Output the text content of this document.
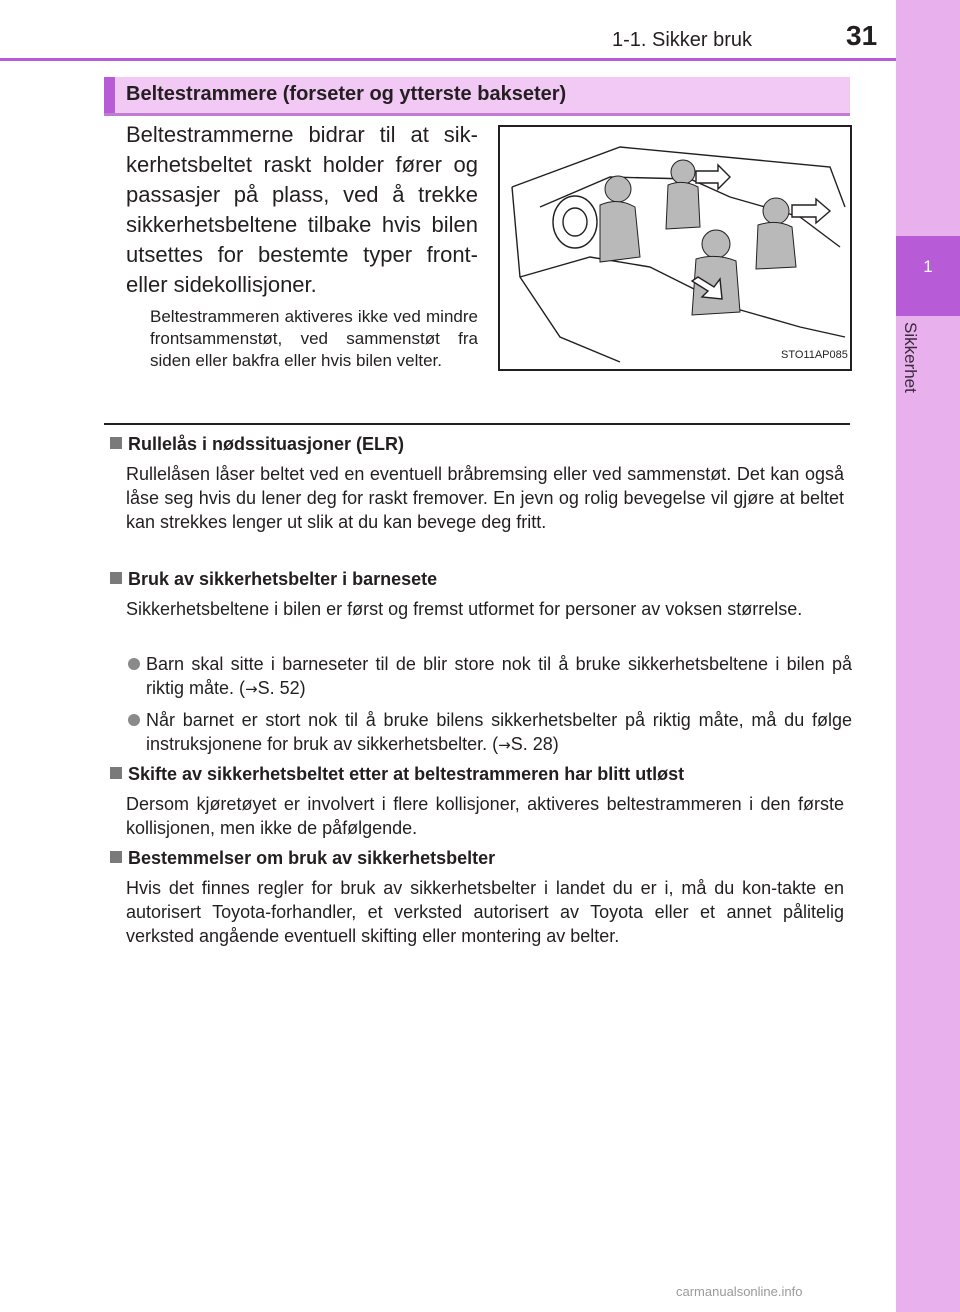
1
Sikkerhet
1-1. Sikker bruk	31
Beltestrammere (forseter og ytterste bakseter)

Beltestrammerne bidrar til at sik-kerhetsbeltet raskt holder fører og passasjer på plass, ved å trekke sikkerhetsbeltene tilbake hvis bilen utsettes for bestemte typer front- eller sidekollisjoner.

Beltestrammeren aktiveres ikke ved mindre frontsammenstøt, ved sammenstøt fra siden eller bakfra eller hvis bilen velter.	STO11AP085
Rullelås i nødssituasjoner (ELR)

Rullelåsen låser beltet ved en eventuell bråbremsing eller ved sammenstøt. Det kan også låse seg hvis du lener deg for raskt fremover. En jevn og rolig bevegelse vil gjøre at beltet kan strekkes lenger ut slik at du kan bevege deg fritt.

Bruk av sikkerhetsbelter i barnesete

Sikkerhetsbeltene i bilen er først og fremst utformet for personer av voksen størrelse.

Barn skal sitte i barneseter til de blir store nok til å bruke sikkerhetsbeltene i bilen på riktig måte. (→S. 52)
Når barnet er stort nok til å bruke bilens sikkerhetsbelter på riktig måte, må du følge instruksjonene for bruk av sikkerhetsbelter. (→S. 28)
Skifte av sikkerhetsbeltet etter at beltestrammeren har blitt utløst

Dersom kjøretøyet er involvert i flere kollisjoner, aktiveres beltestrammeren i den første kollisjonen, men ikke de påfølgende.

Bestemmelser om bruk av sikkerhetsbelter

Hvis det finnes regler for bruk av sikkerhetsbelter i landet du er i, må du kon-takte en autorisert Toyota-forhandler, et verksted autorisert av Toyota eller et annet pålitelig verksted angående eventuell skifting eller montering av belter.

carmanualsonline.info
